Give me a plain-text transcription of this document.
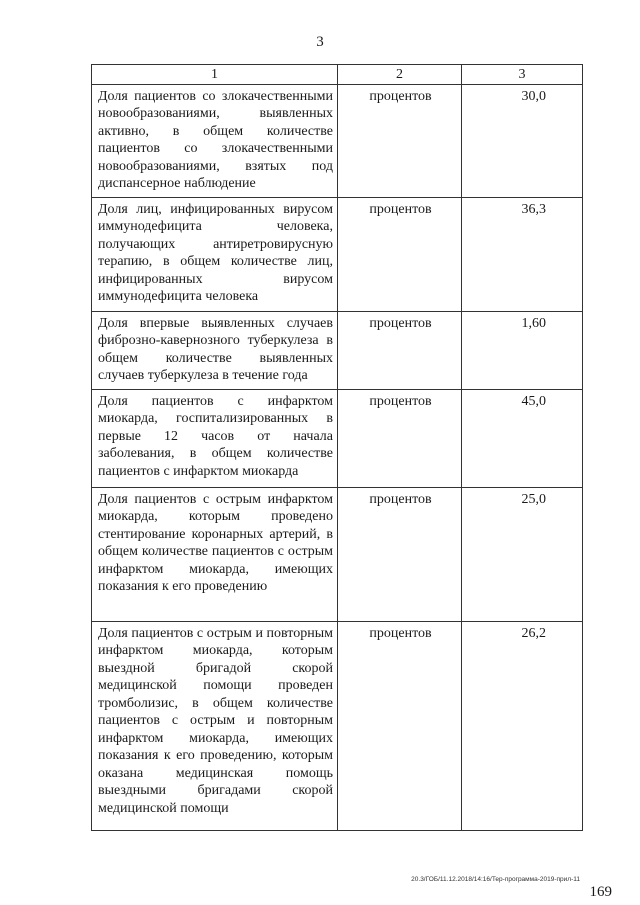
3
1	2	3
Доля пациентов со злокачественными новообразованиями, выявленных активно, в общем количестве пациентов со злокачественными новообразованиями, взятых под диспансерное наблюдение	процентов	30,0
Доля лиц, инфицированных вирусом иммунодефицита человека, получающих антиретровирусную терапию, в общем количестве лиц, инфицированных вирусом иммунодефицита человека	процентов	36,3
Доля впервые выявленных случаев фиброзно-кавернозного туберкулеза в общем количестве выявленных случаев туберкулеза в течение года	процентов	1,60
Доля пациентов с инфарктом миокарда, госпитализированных в первые 12 часов от начала заболевания, в общем количестве пациентов с инфарктом миокарда	процентов	45,0
Доля пациентов с острым инфарктом миокарда, которым проведено стентирование коронарных артерий, в общем количестве пациентов с острым инфарктом миокарда, имеющих показания к его проведению	процентов	25,0
Доля пациентов с острым и повторным инфарктом миокарда, которым выездной бригадой скорой медицинской помощи проведен тромболизис, в общем количестве пациентов с острым и повторным инфарктом миокарда, имеющих показания к его проведению, которым оказана медицинская помощь выездными бригадами скорой медицинской помощи	процентов	26,2
20.3/ГОБ/11.12.2018/14:16/Тер-программа-2019-прил-11
169
